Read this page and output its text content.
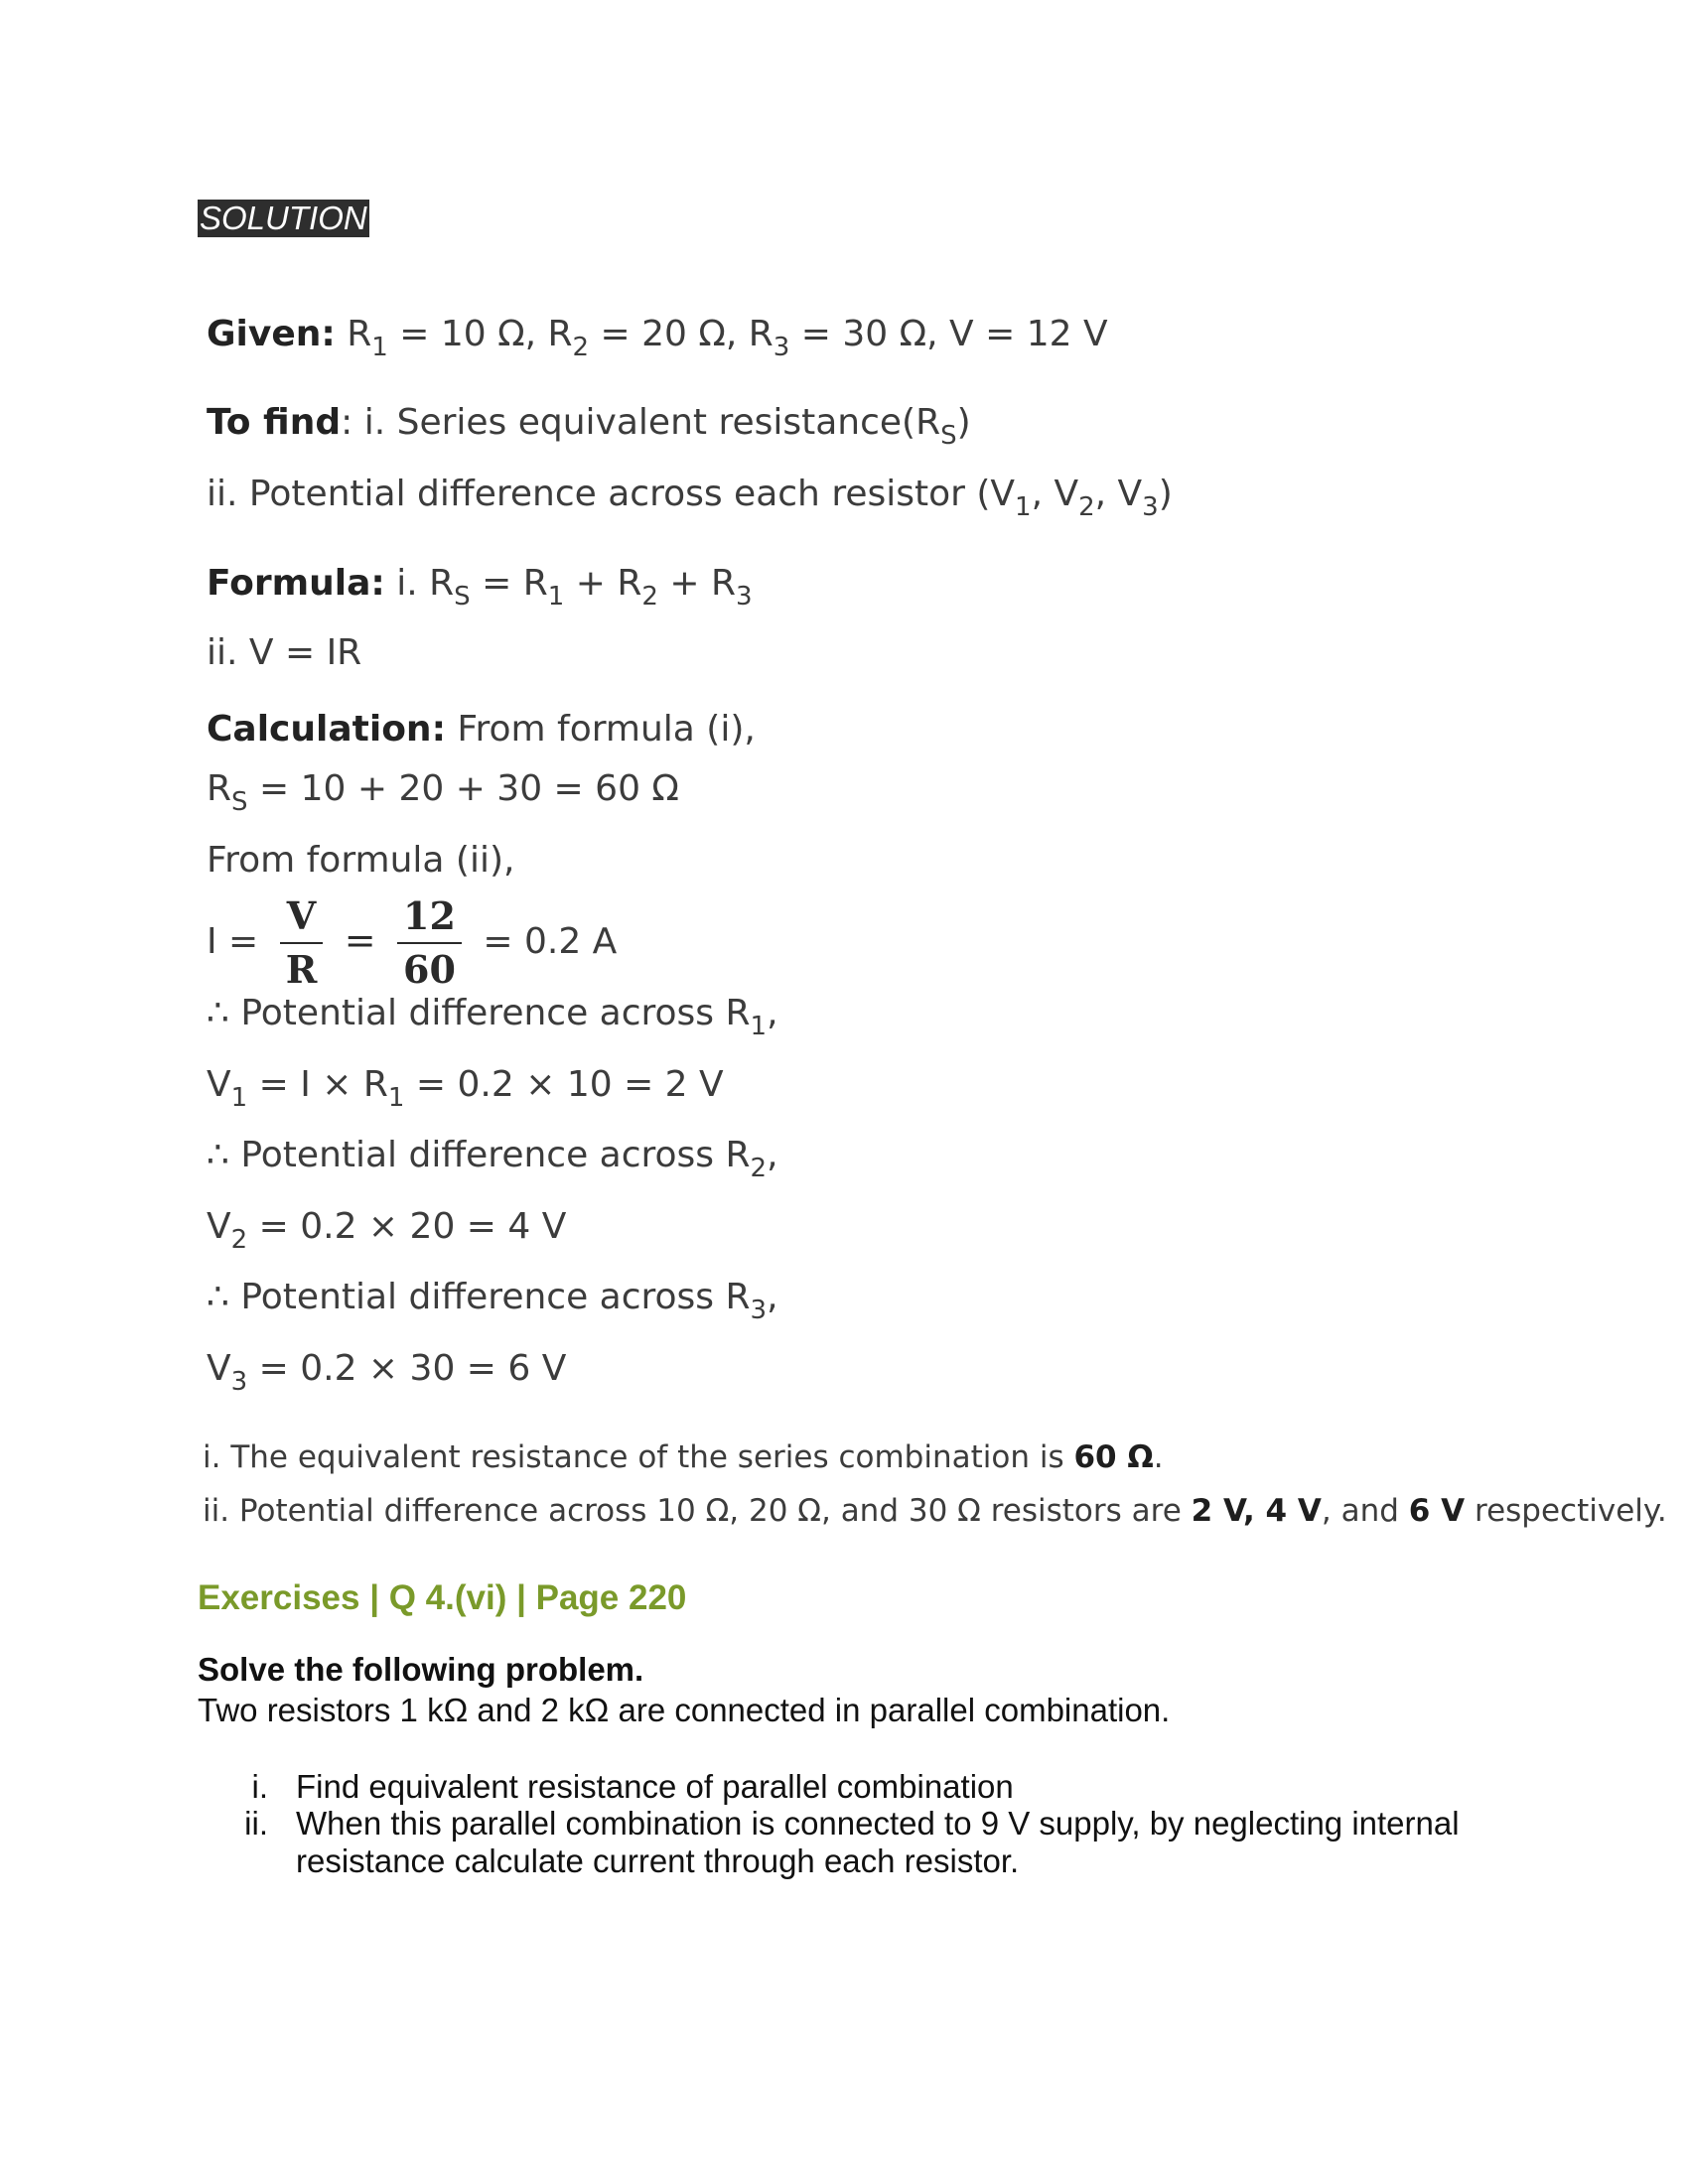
SOLUTION
Given: $R_1 = 10$ Ω, $R_2 = 20$ Ω, $R_3 = 30$ Ω, V = 12 V
To find: i. Series equivalent $resistance(R_S)$
ii. Potential difference across each resistor ($V_1$, $V_2$, $V_3$)
Formula: i. $R_S = R_1 + R_2 + R_3$
ii. V = IR
Calculation: From formula (i),
$R_S = 10 + 20 + 30 = 60$ Ω
From formula (ii),
$I = \frac{V}{R} = \frac{12}{60} = 0.2$ A
∴ Potential difference across $R_1$,
$V_1 = I \times R_1 = 0.2 \times 10 = 2$ V
∴ Potential difference across $R_2$,
$V_2 = 0.2 \times 20 = 4$ V
∴ Potential difference across $R_3$,
$V_3 = 0.2 \times 30 = 6$ V
i. The equivalent resistance of the series combination is 60 Ω.
ii. Potential difference across 10 Ω, 20 Ω, and 30 Ω resistors are 2 V, 4 V, and 6 V respectively.
Exercises | Q 4.(vi) | Page 220
Solve the following problem.
Two resistors 1 kΩ and 2 kΩ are connected in parallel combination.
i. Find equivalent resistance of parallel combination
ii. When this parallel combination is connected to 9 V supply, by neglecting internal resistance calculate current through each resistor.
